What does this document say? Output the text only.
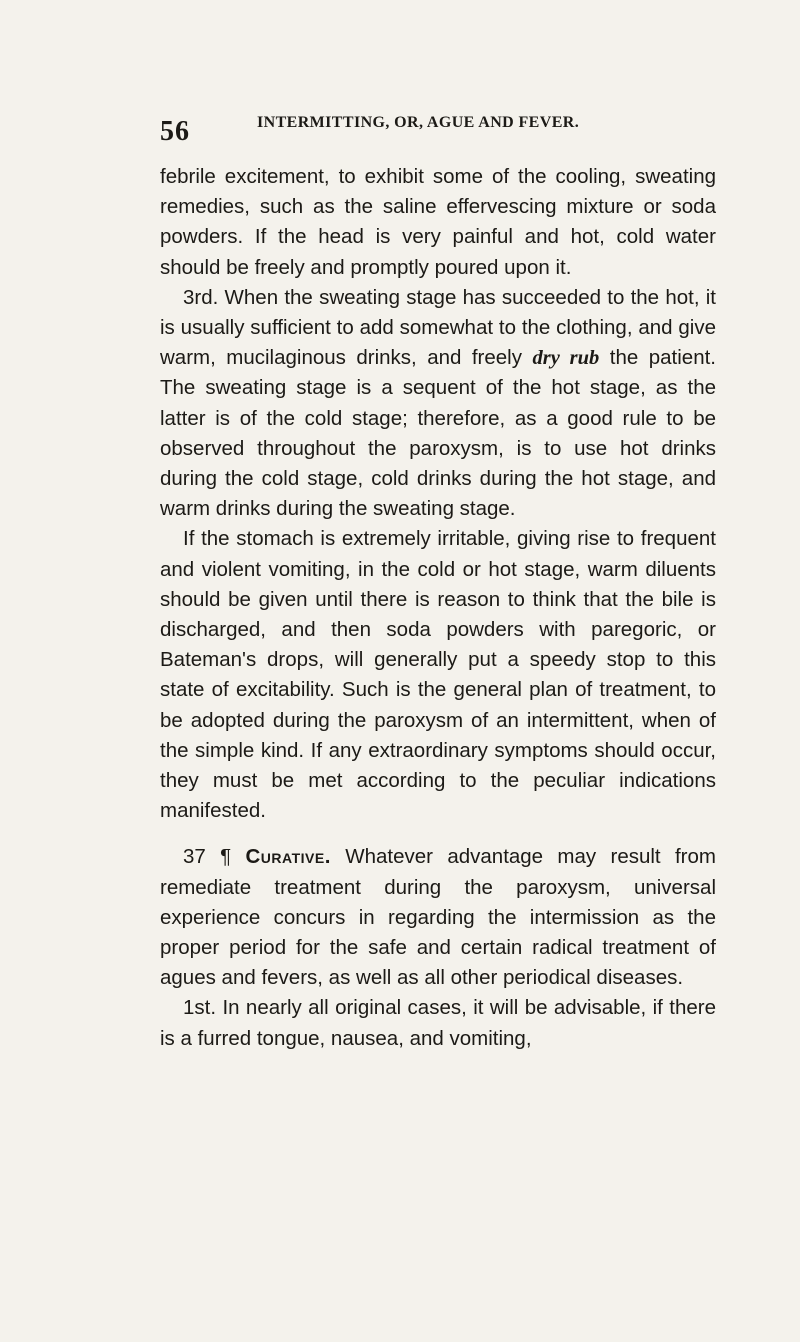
56	INTERMITTING, OR, AGUE AND FEVER.

febrile excitement, to exhibit some of the cooling, sweating remedies, such as the saline effervescing mixture or soda powders. If the head is very painful and hot, cold water should be freely and promptly poured upon it.

3rd. When the sweating stage has succeeded to the hot, it is usually sufficient to add somewhat to the clothing, and give warm, mucilaginous drinks, and freely dry rub the patient. The sweating stage is a sequent of the hot stage, as the latter is of the cold stage; therefore, as a good rule to be observed throughout the paroxysm, is to use hot drinks during the cold stage, cold drinks during the hot stage, and warm drinks during the sweating stage.

If the stomach is extremely irritable, giving rise to frequent and violent vomiting, in the cold or hot stage, warm diluents should be given until there is reason to think that the bile is discharged, and then soda powders with paregoric, or Bateman's drops, will generally put a speedy stop to this state of excitability. Such is the general plan of treatment, to be adopted during the paroxysm of an intermittent, when of the simple kind. If any extraordinary symptoms should occur, they must be met according to the peculiar indications manifested.

37 ¶ Curative. Whatever advantage may result from remediate treatment during the paroxysm, universal experience concurs in regarding the intermission as the proper period for the safe and certain radical treatment of agues and fevers, as well as all other periodical diseases.

1st. In nearly all original cases, it will be advisable, if there is a furred tongue, nausea, and vomiting,
